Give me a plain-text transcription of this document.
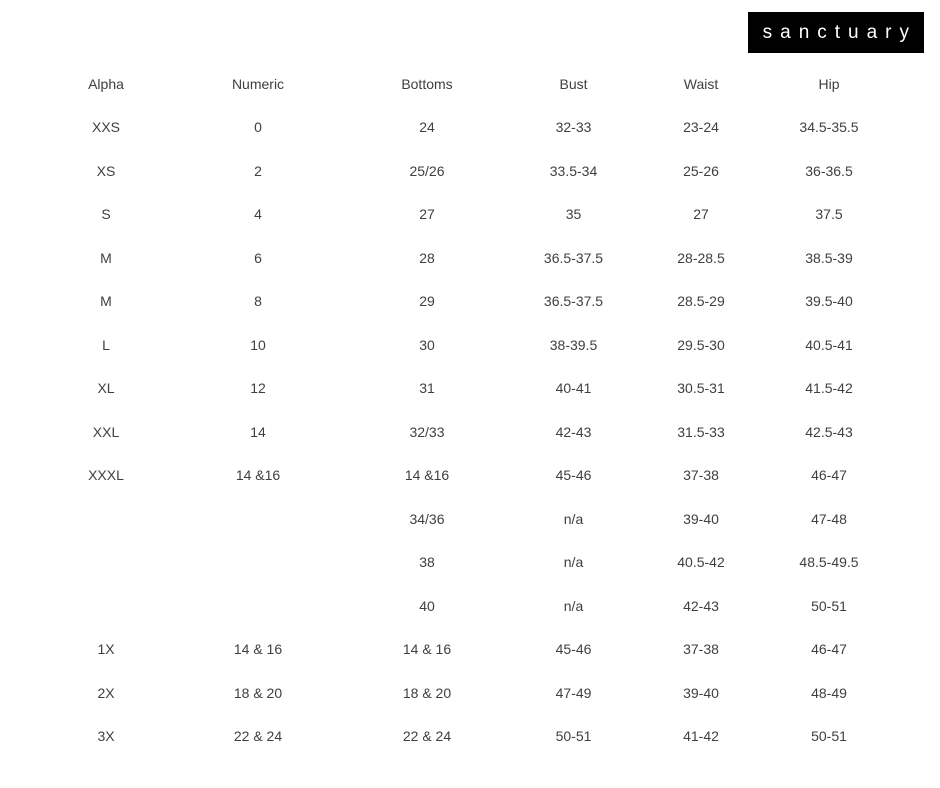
sanctuary
Alpha	Numeric	Bottoms	Bust	Waist	Hip
XXS	0	24	32-33	23-24	34.5-35.5
XS	2	25/26	33.5-34	25-26	36-36.5
S	4	27	35	27	37.5
M	6	28	36.5-37.5	28-28.5	38.5-39
M	8	29	36.5-37.5	28.5-29	39.5-40
L	10	30	38-39.5	29.5-30	40.5-41
XL	12	31	40-41	30.5-31	41.5-42
XXL	14	32/33	42-43	31.5-33	42.5-43
XXXL	14 &16	14 &16	45-46	37-38	46-47
		34/36	n/a	39-40	47-48
		38	n/a	40.5-42	48.5-49.5
		40	n/a	42-43	50-51
1X	14 & 16	14 & 16	45-46	37-38	46-47
2X	18 & 20	18 & 20	47-49	39-40	48-49
3X	22 & 24	22 & 24	50-51	41-42	50-51
